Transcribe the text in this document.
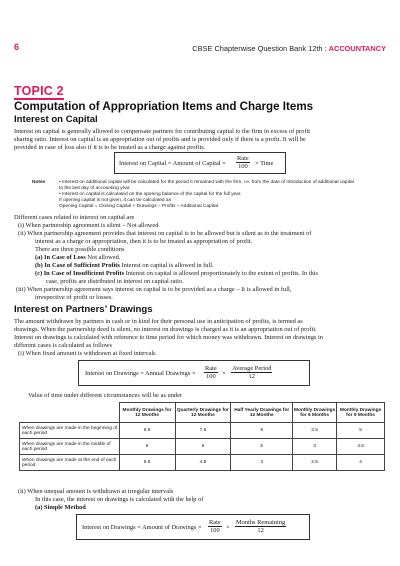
6	CBSE Chapterwise Question Bank 12th : ACCOUNTANCY
TOPIC 2
Computation of Appropriation Items and Charge Items
Interest on Capital
Interest on capital is generally allowed to compensate partners for contributing capital to the firm in excess of profit
sharing ratio. Interest on capital is an appropriation out of profits and is provided only if there is a profit. It will be
provided in case of loss also if it is to be treated as a charge against profits.
Interest on Capital = Amount of Capital ×
Rate
100	× Time
Notes	• Interest on additional capital will be calculated for the period it remained with the firm, i.e. from the date of introduction of additional capital
to the last day of accounting year.
• Interest on capital is calculated on the opening balance of the capital for the full year.
If opening capital is not given, it can be calculated as
Opening Capital = Closing Capital + Drawings – Profits – Additional Capital
Different cases related to interest on capital are
(i) When partnership agreement is silent – Not allowed
(ii) When partnership agreement provides that interest on capital is to be allowed but is silent as to the treatment of
interest as a charge or appropriation, then it is to be treated as appropriation of profit.
There are three possible conditions
(a) In Case of Loss Not allowed.
(b) In Case of Sufficient Profits Interest on capital is allowed in full.
(c) In Case of Insufficient Profits Interest on capital is allowed proportionately to the extent of profits. In this
case, profits are distributed in interest on capital ratio.
(iii) When partnership agreement says interest on capital is to be provided as a charge – It is allowed in full,
irrespective of profit or losses.
Interest on Partners’ Drawings
The amount withdrawn by partners in cash or in kind for their personal use in anticipation of profits, is termed as
drawings. When the partnership deed is silent, no interest on drawings is charged as it is an appropriation out of profit.
Interest on drawings is calculated with reference to time period for which money was withdrawn. Interest on drawings in
different cases is calculated as follows
(i) When fixed amount is withdrawn at fixed intervals
Interest on Drawings = Annual Drawings ×
Rate
100 ×
Average Period
12
Value of time under different circumstances will be as under
	Monthly Drawings for 12 Months	Quarterly Drawings for 12 Months	Half Yearly Drawings for 12 Months	Monthly Drawings for 6 Months	Monthly Drawings for 9 Months
When drawings are made in the beginning of each period	6.5	7.5	9	3.5	5
When drawings are made in the middle of each period	6	6	6	3	4.5
When drawings are made at the end of each period	5.5	4.5	3	2.5	4
(ii) When unequal amount is withdrawn at irregular intervals
In this case, the interest on drawings is calculated with the help of
(a) Simple Method
Interest on Drawings = Amount of Drawings ×
Rate
100 ×
Months Remaining
12
